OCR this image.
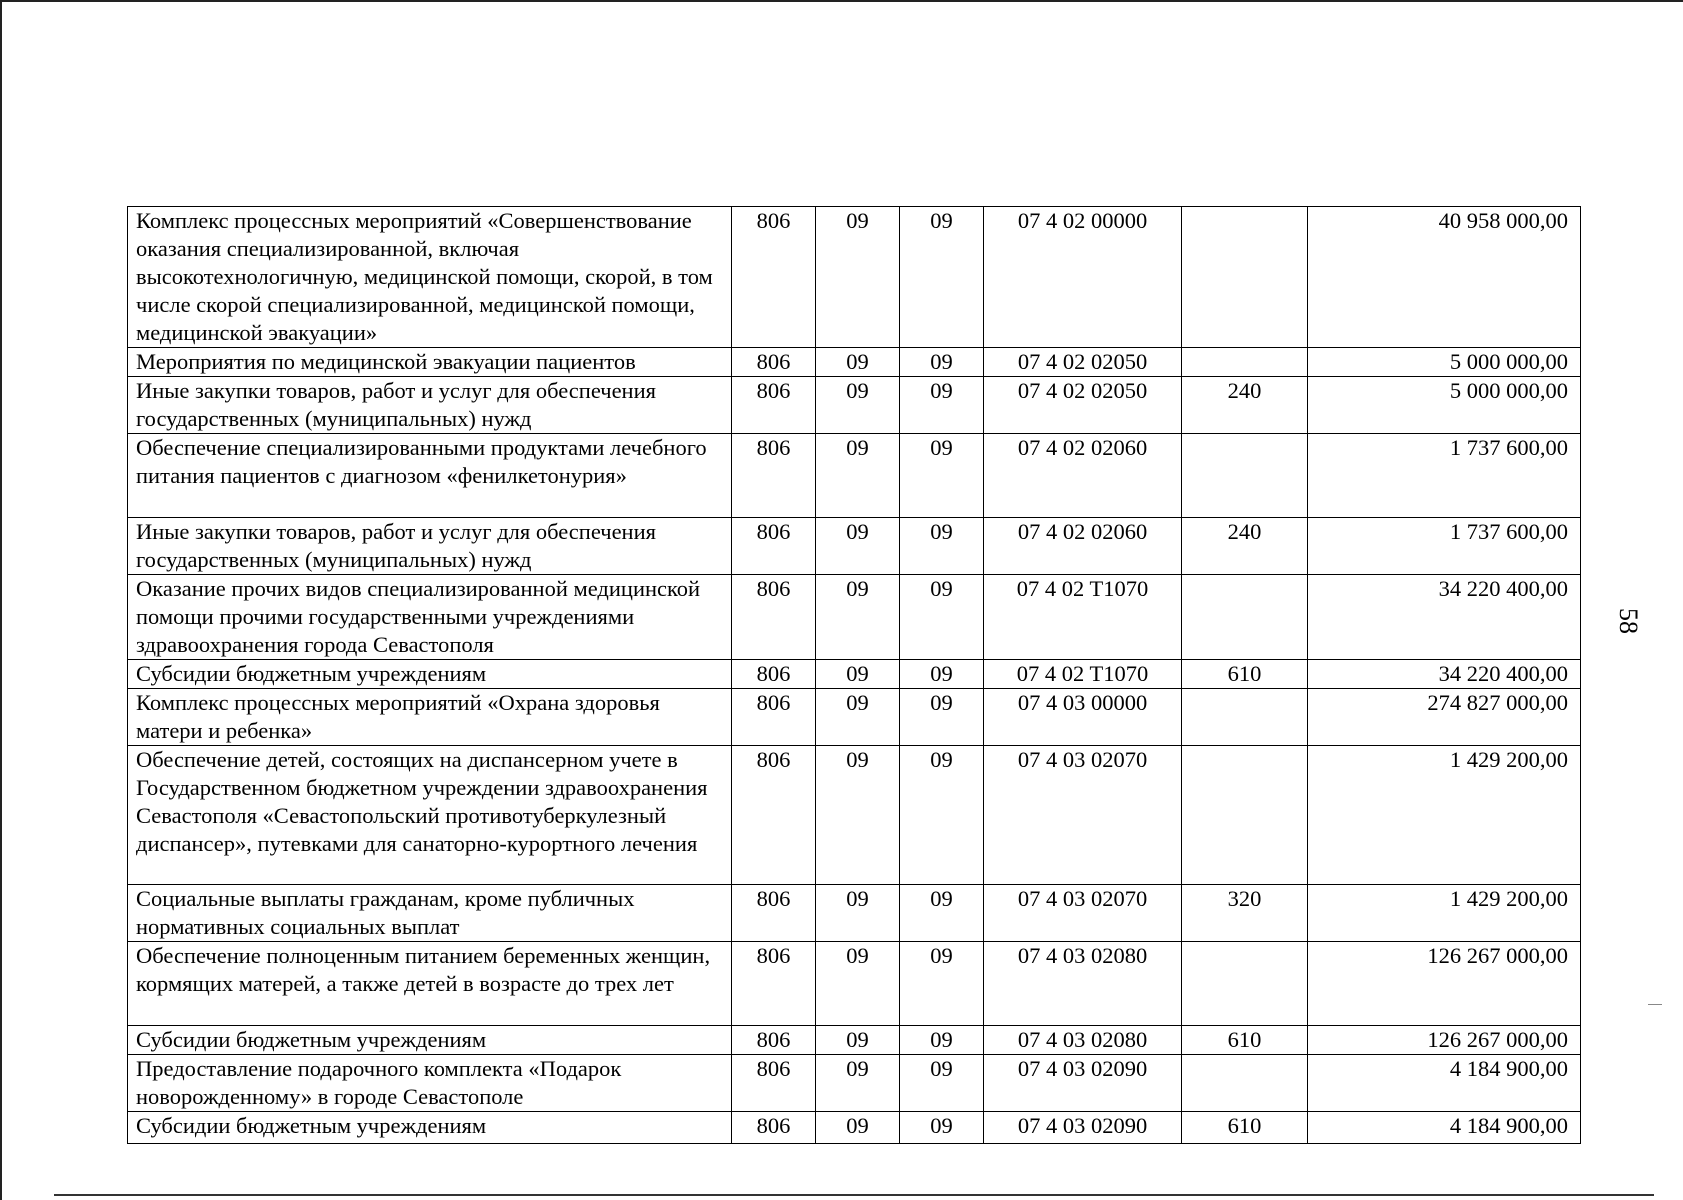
Комплекс процессных мероприятий «Совершенствование оказания специализированной, включая высокотехнологичную, медицинской помощи, скорой, в том числе скорой специализированной, медицинской помощи, медицинской эвакуации»	806	09	09	07 4 02 00000		40 958 000,00
Мероприятия по медицинской эвакуации пациентов	806	09	09	07 4 02 02050		5 000 000,00
Иные закупки товаров, работ и услуг для обеспечения государственных (муниципальных) нужд	806	09	09	07 4 02 02050	240	5 000 000,00
Обеспечение специализированными продуктами лечебного питания пациентов с диагнозом «фенилкетонурия»	806	09	09	07 4 02 02060		1 737 600,00
Иные закупки товаров, работ и услуг для обеспечения государственных (муниципальных) нужд	806	09	09	07 4 02 02060	240	1 737 600,00
Оказание прочих видов специализированной медицинской помощи прочими государственными учреждениями здравоохранения города Севастополя	806	09	09	07 4 02 T1070		34 220 400,00
Субсидии бюджетным учреждениям	806	09	09	07 4 02 T1070	610	34 220 400,00
Комплекс процессных мероприятий «Охрана здоровья матери и ребенка»	806	09	09	07 4 03 00000		274 827 000,00
Обеспечение детей, состоящих на диспансерном учете в Государственном бюджетном учреждении здравоохранения Севастополя «Севастопольский противотуберкулезный диспансер», путевками для санаторно-курортного лечения	806	09	09	07 4 03 02070		1 429 200,00
Социальные выплаты гражданам, кроме публичных нормативных социальных выплат	806	09	09	07 4 03 02070	320	1 429 200,00
Обеспечение полноценным питанием беременных женщин, кормящих матерей, а также детей в возрасте до трех лет	806	09	09	07 4 03 02080		126 267 000,00
Субсидии бюджетным учреждениям	806	09	09	07 4 03 02080	610	126 267 000,00
Предоставление подарочного комплекта «Подарок новорожденному» в городе Севастополе	806	09	09	07 4 03 02090		4 184 900,00
Субсидии бюджетным учреждениям	806	09	09	07 4 03 02090	610	4 184 900,00
58
